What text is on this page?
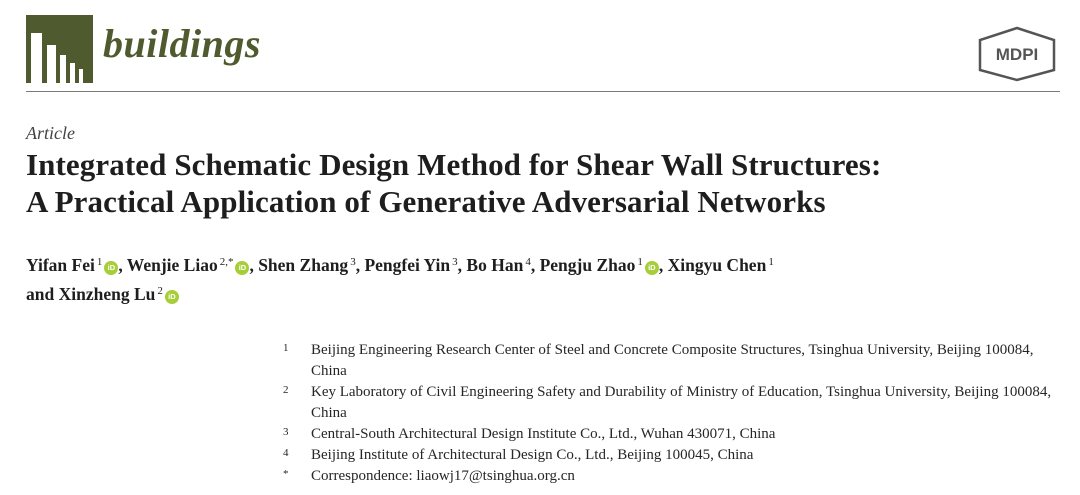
buildings	MDPI
Article
Integrated Schematic Design Method for Shear Wall Structures:
A Practical Application of Generative Adversarial Networks
Yifan Fei $^1$ iD , Wenjie Liao $^{2,*}$ iD , Shen Zhang $^3$, Pengfei Yin $^3$, Bo Han $^4$, Pengju Zhao $^1$ iD , Xingyu Chen $^1$
and Xinzheng Lu $^2$ iD
1	Beijing Engineering Research Center of Steel and Concrete Composite Structures, Tsinghua University, Beijing 100084, China
2	Key Laboratory of Civil Engineering Safety and Durability of Ministry of Education, Tsinghua University, Beijing 100084, China
3	Central-South Architectural Design Institute Co., Ltd., Wuhan 430071, China
4	Beijing Institute of Architectural Design Co., Ltd., Beijing 100045, China
*	Correspondence: liaowj17@tsinghua.org.cn
